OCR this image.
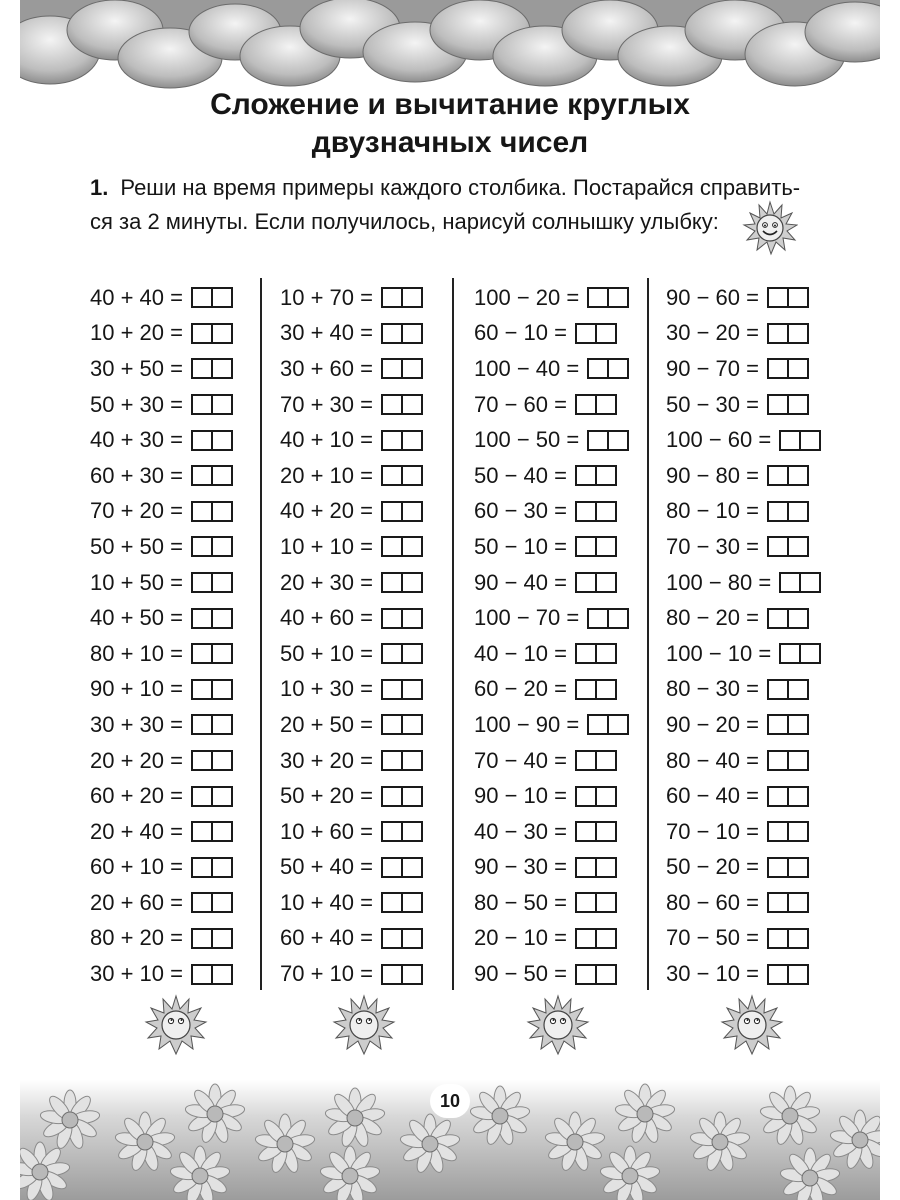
Сложение и вычитание круглых
двузначных чисел
1. Реши на время примеры каждого столбика. Постарайся справить-
ся за 2 минуты. Если получилось, нарисуй солнышку улыбку:
40 + 40 =
10 + 20 =
30 + 50 =
50 + 30 =
40 + 30 =
60 + 30 =
70 + 20 =
50 + 50 =
10 + 50 =
40 + 50 =
80 + 10 =
90 + 10 =
30 + 30 =
20 + 20 =
60 + 20 =
20 + 40 =
60 + 10 =
20 + 60 =
80 + 20 =
30 + 10 =
10 + 70 =
30 + 40 =
30 + 60 =
70 + 30 =
40 + 10 =
20 + 10 =
40 + 20 =
10 + 10 =
20 + 30 =
40 + 60 =
50 + 10 =
10 + 30 =
20 + 50 =
30 + 20 =
50 + 20 =
10 + 60 =
50 + 40 =
10 + 40 =
60 + 40 =
70 + 10 =
100 − 20 =
60 − 10 =
100 − 40 =
70 − 60 =
100 − 50 =
50 − 40 =
60 − 30 =
50 − 10 =
90 − 40 =
100 − 70 =
40 − 10 =
60 − 20 =
100 − 90 =
70 − 40 =
90 − 10 =
40 − 30 =
90 − 30 =
80 − 50 =
20 − 10 =
90 − 50 =
90 − 60 =
30 − 20 =
90 − 70 =
50 − 30 =
100 − 60 =
90 − 80 =
80 − 10 =
70 − 30 =
100 − 80 =
80 − 20 =
100 − 10 =
80 − 30 =
90 − 20 =
80 − 40 =
60 − 40 =
70 − 10 =
50 − 20 =
80 − 60 =
70 − 50 =
30 − 10 =
10
